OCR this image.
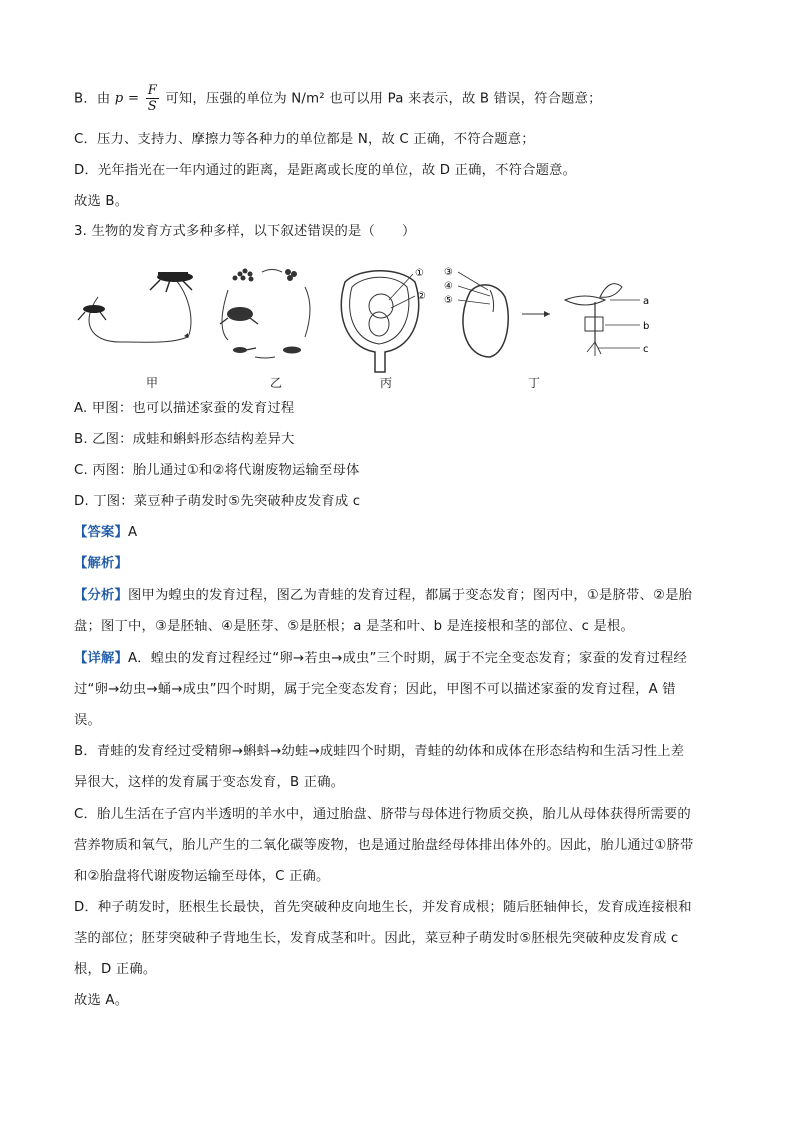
B．由 $p = \frac{F}{S}$ 可知，压强的单位为 N/m² 也可以用 Pa 来表示，故 B 错误，符合题意；
C．压力、支持力、摩擦力等各种力的单位都是 N，故 C 正确，不符合题意；
D．光年指光在一年内通过的距离，是距离或长度的单位，故 D 正确，不符合题意。
故选 B。
3. 生物的发育方式多种多样，以下叙述错误的是（　　）
①
②
③
④
⑤	a
b
c
甲	乙	丙	丁
A. 甲图：也可以描述家蚕的发育过程
B. 乙图：成蛙和蝌蚪形态结构差异大
C. 丙图：胎儿通过①和②将代谢废物运输至母体
D. 丁图：菜豆种子萌发时⑤先突破种皮发育成 c
【答案】A
【解析】
【分析】图甲为蝗虫的发育过程，图乙为青蛙的发育过程，都属于变态发育；图丙中，①是脐带、②是胎
盘；图丁中，③是胚轴、④是胚芽、⑤是胚根；a 是茎和叶、b 是连接根和茎的部位、c 是根。
【详解】A．蝗虫的发育过程经过“卵→若虫→成虫”三个时期，属于不完全变态发育；家蚕的发育过程经
过“卵→幼虫→蛹→成虫”四个时期，属于完全变态发育；因此，甲图不可以描述家蚕的发育过程，A 错
误。
B．青蛙的发育经过受精卵→蝌蚪→幼蛙→成蛙四个时期，青蛙的幼体和成体在形态结构和生活习性上差
异很大，这样的发育属于变态发育，B 正确。
C．胎儿生活在子宫内半透明的羊水中，通过胎盘、脐带与母体进行物质交换，胎儿从母体获得所需要的
营养物质和氧气，胎儿产生的二氧化碳等废物，也是通过胎盘经母体排出体外的。因此，胎儿通过①脐带
和②胎盘将代谢废物运输至母体，C 正确。
D．种子萌发时，胚根生长最快，首先突破种皮向地生长，并发育成根；随后胚轴伸长，发育成连接根和
茎的部位；胚芽突破种子背地生长，发育成茎和叶。因此，菜豆种子萌发时⑤胚根先突破种皮发育成 c
根，D 正确。
故选 A。
